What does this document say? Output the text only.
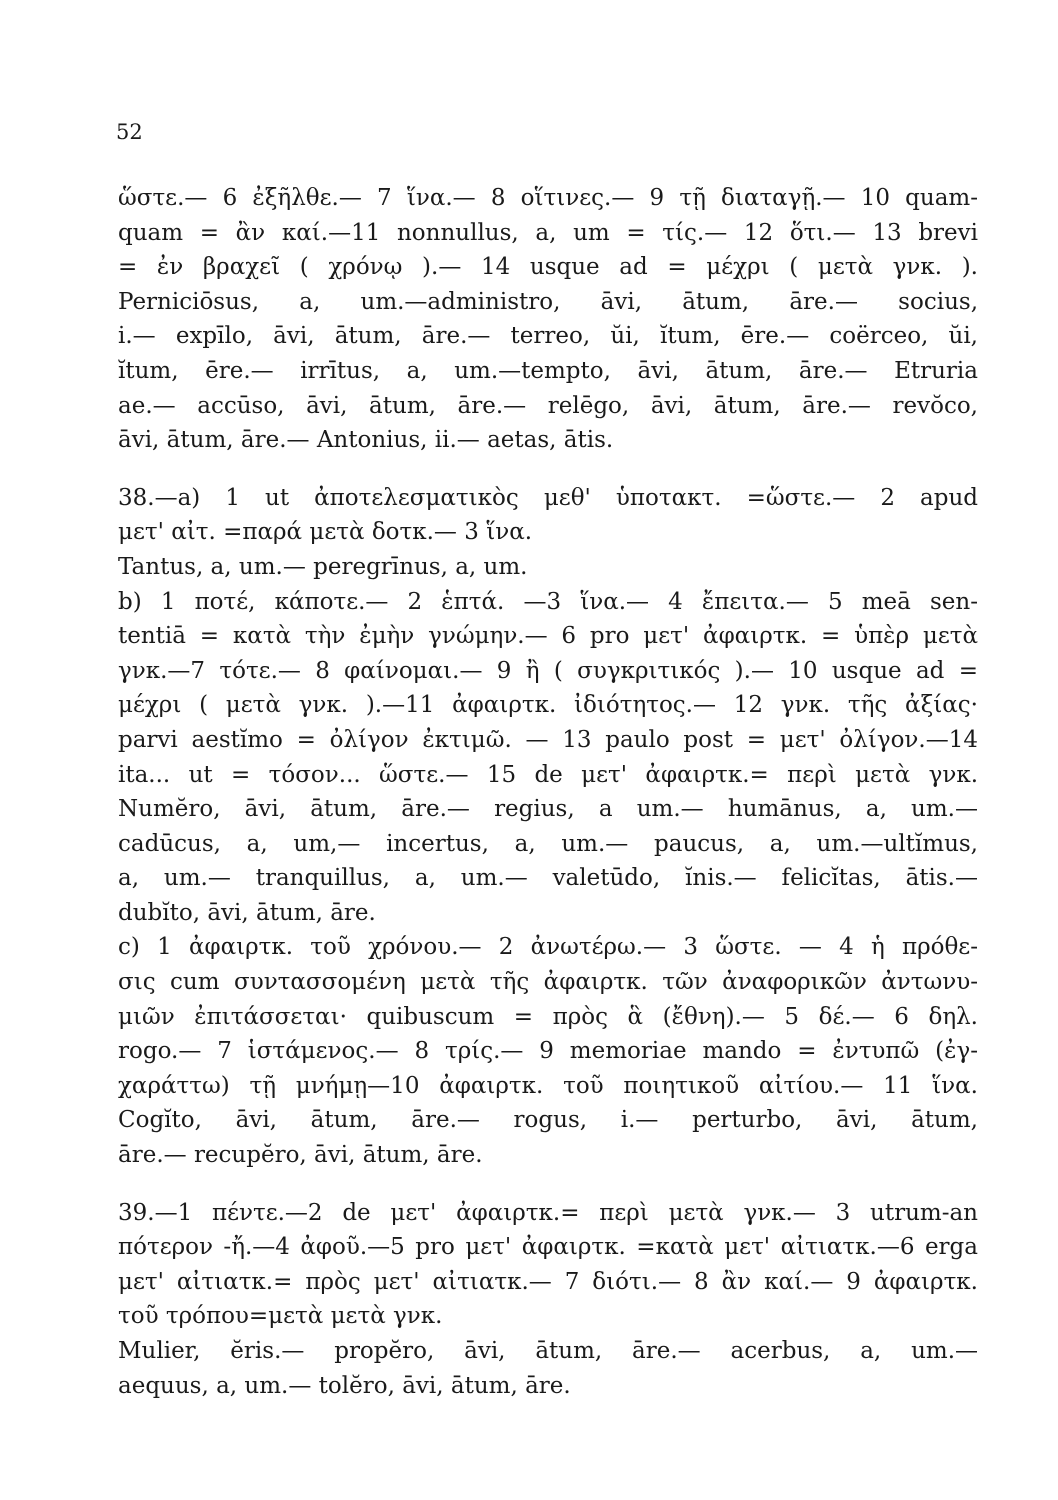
52
ὥστε.— 6 ἐξῆλθε.— 7 ἵνα.— 8 οἵτινες.— 9 τῇ διαταγῇ.— 10 quam-
quam = ἂν καί.—11 nonnullus, a, um = τίς.— 12 ὅτι.— 13 brevi
= ἐν βραχεῖ ( χρόνῳ ).— 14 usque ad = μέχρι ( μετὰ γνκ. ).
Perniciōsus, a, um.—administro, āvi, ātum, āre.— socius,
i.— expīlo, āvi, ātum, āre.— terreo, ŭi, ĭtum, ēre.— coërceo, ŭi,
ĭtum, ēre.— irrītus, a, um.—tempto, āvi, ātum, āre.— Etruria
ae.— accūso, āvi, ātum, āre.— relēgo, āvi, ātum, āre.— revŏco,
āvi, ātum, āre.— Antonius, ii.— aetas, ātis.
38.—a) 1 ut ἀποτελεσματικὸς μεθ' ὑποτακτ. =ὥστε.— 2 apud
μετ' αἰτ. =παρά μετὰ δοτκ.— 3 ἵνα.
Tantus, a, um.— peregrīnus, a, um.
b) 1 ποτέ, κάποτε.— 2 ἑπτά. —3 ἵνα.— 4 ἔπειτα.— 5 meā sen-
tentiā = κατὰ τὴν ἐμὴν γνώμην.— 6 pro μετ' ἀφαιρτκ. = ὑπὲρ μετὰ
γνκ.—7 τότε.— 8 φαίνομαι.— 9 ἢ ( συγκριτικός ).— 10 usque ad =
μέχρι ( μετὰ γνκ. ).—11 ἀφαιρτκ. ἰδιότητος.— 12 γνκ. τῆς ἀξίας·
parvi aestĭmo = ὀλίγον ἐκτιμῶ. — 13 paulo post = μετ' ὀλίγον.—14
ita... ut = τόσον... ὥστε.— 15 de μετ' ἀφαιρτκ.= περὶ μετὰ γνκ.
Numĕro, āvi, ātum, āre.— regius, a um.— humānus, a, um.—
cadūcus, a, um,— incertus, a, um.— paucus, a, um.—ultĭmus,
a, um.— tranquillus, a, um.— valetūdo, ĭnis.— felicĭtas, ātis.—
dubĭto, āvi, ātum, āre.
c) 1 ἀφαιρτκ. τοῦ χρόνου.— 2 ἀνωτέρω.— 3 ὥστε. — 4 ἡ πρόθε-
σις cum συντασσομένη μετὰ τῆς ἀφαιρτκ. τῶν ἀναφορικῶν ἀντωνυ-
μιῶν ἐπιτάσσεται· quibuscum = πρὸς ἃ (ἔθνη).— 5 δέ.— 6 δηλ.
rogo.— 7 ἱστάμενος.— 8 τρίς.— 9 memoriae mando = ἐντυπῶ (ἐγ-
χαράττω) τῇ μνήμῃ—10 ἀφαιρτκ. τοῦ ποιητικοῦ αἰτίου.— 11 ἵνα.
Cogĭto, āvi, ātum, āre.— rogus, i.— perturbo, āvi, ātum,
āre.— recupĕro, āvi, ātum, āre.
39.—1 πέντε.—2 de μετ' ἀφαιρτκ.= περὶ μετὰ γνκ.— 3 utrum-an
πότερον -ἤ.—4 ἀφοῦ.—5 pro μετ' ἀφαιρτκ. =κατὰ μετ' αἰτιατκ.—6 erga
μετ' αἰτιατκ.= πρὸς μετ' αἰτιατκ.— 7 διότι.— 8 ἂν καί.— 9 ἀφαιρτκ.
τοῦ τρόπου=μετὰ μετὰ γνκ.
Mulier, ĕris.— propĕro, āvi, ātum, āre.— acerbus, a, um.—
aequus, a, um.— tolĕro, āvi, ātum, āre.
